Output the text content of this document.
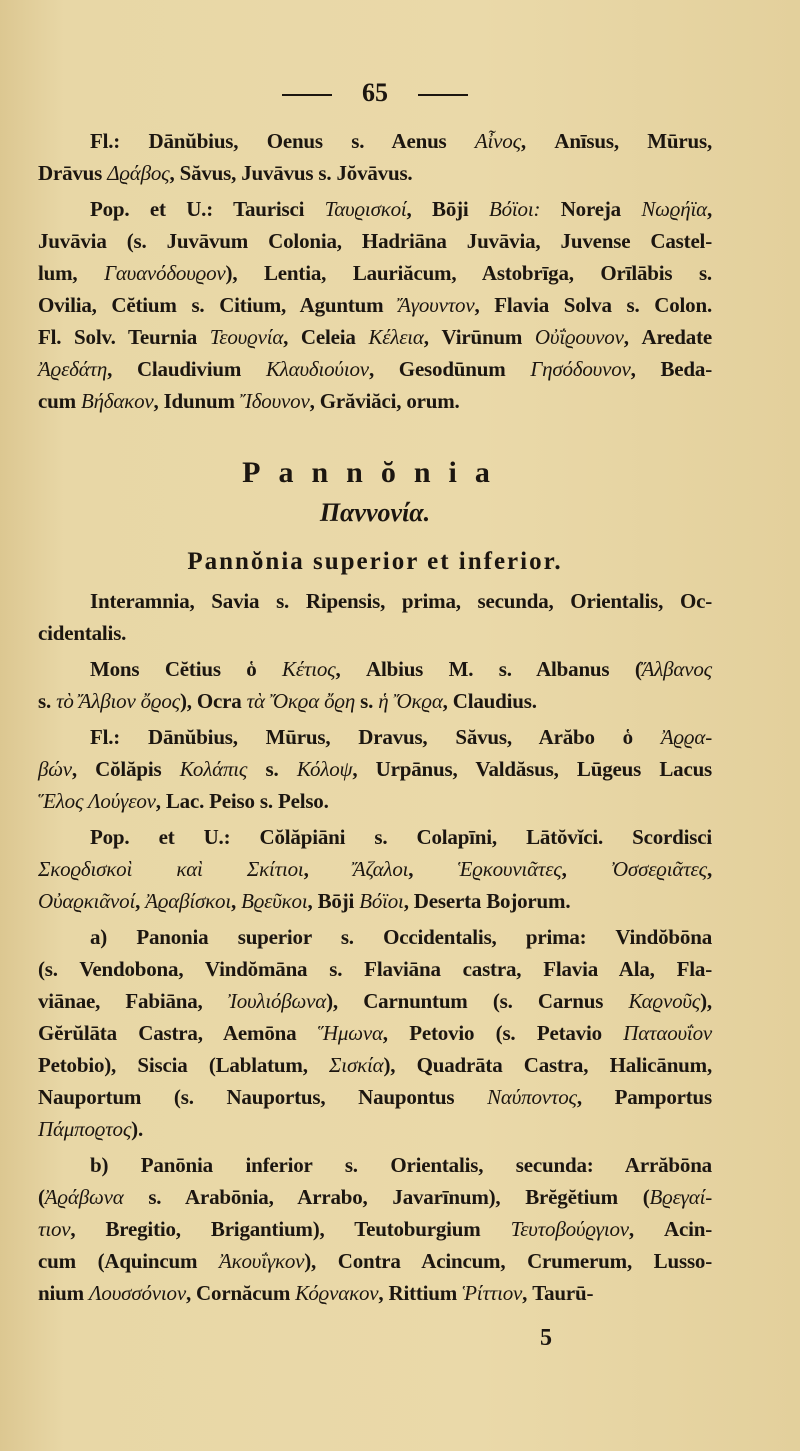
65
Fl.: Dānŭbius, Oenus s. Aenus Αἶνος, Anīsus, Mūrus,
Drāvus Δϱάβος, Săvus, Juvāvus s. Jŏvāvus.
Pop. et U.: Taurisci Ταυϱισκοί, Bōji Βόϊοι: Noreja Νωϱήϊα,
Juvāvia (s. Juvāvum Colonia, Hadriāna Juvāvia, Juvense Castel-
lum, Γαυανόδουϱον), Lentia, Lauriăcum, Astobrīga, Orīlābis s.
Ovilia, Cĕtium s. Citium, Aguntum Ἄγουντον, Flavia Solva s. Colon.
Fl. Solv. Teurnia Τεουϱνία, Celeia Κέλεια, Virūnum Οὐΐϱουνον, Aredate
Ἀϱεδάτη, Claudivium Κλαυδιούιον, Gesodūnum Γησόδουνον, Beda-
cum Βήδακον, Idunum Ἴδουνον, Grăviăci, orum.
Pannŏnia
Παννονία.
Pannŏnia superior et inferior.
Interamnia, Savia s. Ripensis, prima, secunda, Orientalis, Oc-
cidentalis.
Mons Cĕtius ὁ Κέτιος, Albius M. s. Albanus (Ἄλβανος
s. τὸ Ἄλβιον ὄϱος), Ocra τὰ Ὄκϱα ὄϱη s. ἡ Ὄκϱα, Claudius.
Fl.: Dānŭbius, Mūrus, Dravus, Săvus, Arăbo ὁ Ἀϱϱα-
βών, Cŏlăpis Κολάπις s. Κόλοψ, Urpānus, Valdăsus, Lūgeus Lacus
Ἕλος Λούγεον, Lac. Peiso s. Pelso.
Pop. et U.: Cŏlăpiāni s. Colapīni, Lātŏvĭci. Scordisci
Σκοϱδισκοὶ καὶ Σκίτιοι, Ἄζαλοι, Ἑϱκουνιᾶτες, Ὀσσεϱιᾶτες,
Οὐαϱκιᾶνοί, Ἀϱαβίσκοι, Βϱεῦκοι, Bōji Βόϊοι, Deserta Bojorum.
a) Panonia superior s. Occidentalis, prima: Vindŏbōna
(s. Vendobona, Vindŏmāna s. Flaviāna castra, Flavia Ala, Fla-
viānae, Fabiāna, Ἰουλιόβωνα), Carnuntum (s. Carnus Καϱνοῦς),
Gĕrŭlāta Castra, Aemōna Ἥμωνα, Petovio (s. Petavio Παταουΐον
Petobio), Siscia (Lablatum, Σισκία), Quadrāta Castra, Halicānum,
Nauportum (s. Nauportus, Naupontus Ναύποντος, Pamportus
Πάμποϱτος).
b) Panōnia inferior s. Orientalis, secunda: Arrăbōna
(Ἀϱάβωνα s. Arabōnia, Arrabo, Javarīnum), Brĕgĕtium (Βϱεγαί-
τιον, Bregitio, Brigantium), Teutoburgium Τευτοβούϱγιον, Acin-
cum (Aquincum Ἀκουΐγκον), Contra Acincum, Crumerum, Lusso-
nium Λουσσόνιον, Cornăcum Κόϱνακον, Rittium Ῥίττιον, Taurū-
5
